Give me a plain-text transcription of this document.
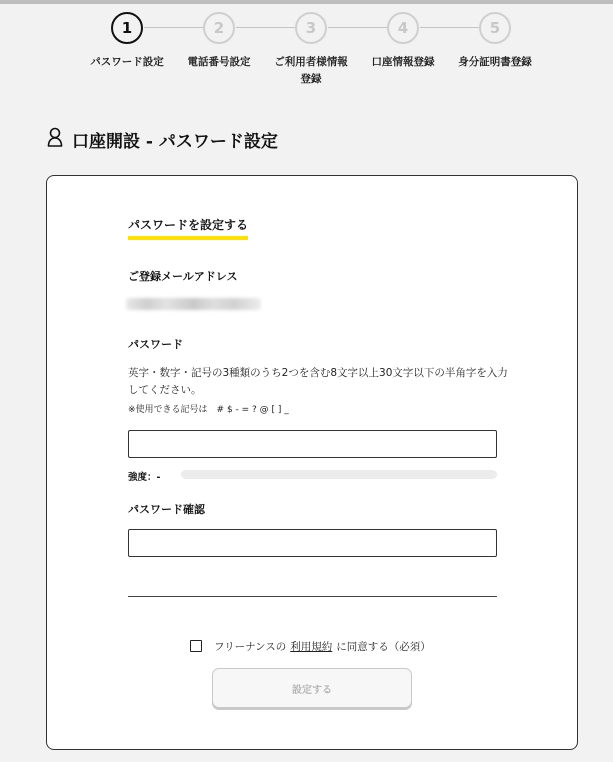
1	2	3	4	5
パスワード設定	電話番号設定	ご利用者様情報
登録
口座情報登録	身分証明書登録
口座開設 - パスワード設定
パスワードを設定する
ご登録メールアドレス
パスワード
英字・数字・記号の3種類のうち2つを含む8文字以上30文字以下の半角字を入力してください。
※使用できる記号は　# $ - = ? @ [ ] _
強度：-
パスワード確認
フリーナンスの 利用規約 に同意する（必須）
設定する
